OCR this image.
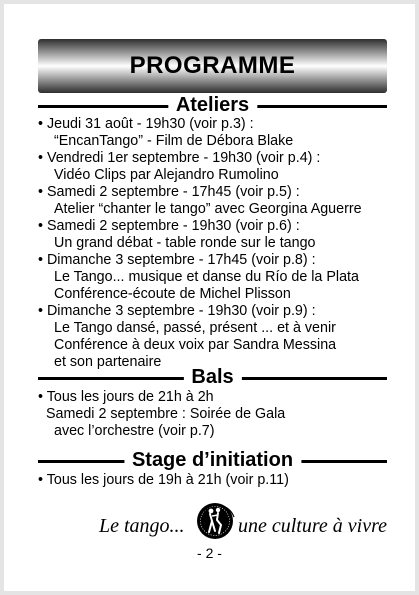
PROGRAMME
Ateliers
• Jeudi 31 août - 19h30 (voir p.3) :
“EncanTango” - Film de Débora Blake
• Vendredi 1er septembre - 19h30 (voir p.4) :
Vidéo Clips par Alejandro Rumolino
• Samedi 2 septembre - 17h45 (voir p.5) :
Atelier “chanter le tango” avec Georgina Aguerre
• Samedi 2 septembre - 19h30 (voir p.6) :
Un grand débat - table ronde sur le tango
• Dimanche 3 septembre - 17h45 (voir p.8) :
Le Tango... musique et danse du Río de la Plata
Conférence-écoute de Michel Plisson
• Dimanche 3 septembre - 19h30 (voir p.9) :
Le Tango dansé, passé, présent ... et à venir
Conférence à deux voix par Sandra Messina
et son partenaire
Bals
• Tous les jours de 21h à 2h
Samedi 2 septembre : Soirée de Gala
avec l’orchestre (voir p.7)
Stage d’initiation
• Tous les jours de 19h à 21h (voir p.11)
Le tango...	une culture à vivre
- 2 -
